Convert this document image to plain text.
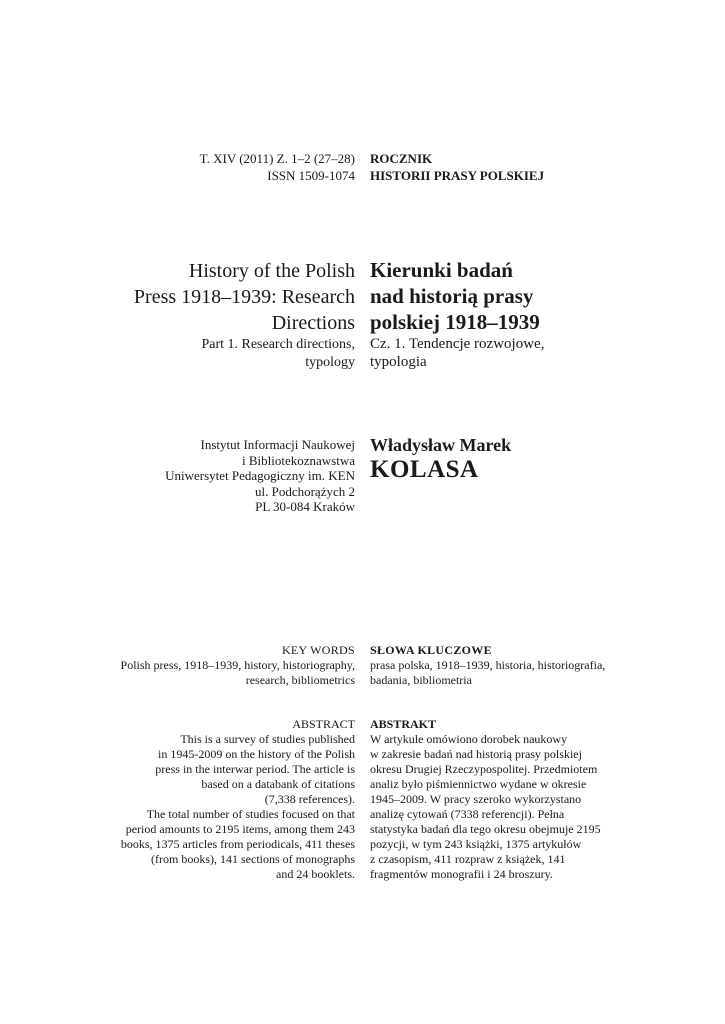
T. XIV (2011) Z. 1–2 (27–28)
ISSN 1509-1074
ROCZNIK
HISTORII PRASY POLSKIEJ
History of the Polish
Press 1918–1939: Research
Directions
Part 1. Research directions,
typology
Kierunki badań
nad historią prasy
polskiej 1918–1939
Cz. 1. Tendencje rozwojowe,
typologia
Instytut Informacji Naukowej
i Bibliotekoznawstwa
Uniwersytet Pedagogiczny im. KEN
ul. Podchorążych 2
PL 30-084 Kraków
Władysław Marek
KOLASA
KEY WORDS
Polish press, 1918–1939, history, historiography,
research, bibliometrics
SŁOWA KLUCZOWE
prasa polska, 1918–1939, historia, historiografia,
badania, bibliometria
ABSTRACT
This is a survey of studies published
in 1945-2009 on the history of the Polish
press in the interwar period. The article is
based on a databank of citations
(7,338 references).
The total number of studies focused on that
period amounts to 2195 items, among them 243
books, 1375 articles from periodicals, 411 theses
(from books), 141 sections of monographs
and 24 booklets.
ABSTRAKT
W artykule omówiono dorobek naukowy
w zakresie badań nad historią prasy polskiej
okresu Drugiej Rzeczypospolitej. Przedmiotem
analiz było piśmiennictwo wydane w okresie
1945–2009. W pracy szeroko wykorzystano
analizę cytowań (7338 referencji). Pełna
statystyka badań dla tego okresu obejmuje 2195
pozycji, w tym 243 książki, 1375 artykułów
z czasopism, 411 rozpraw z książek, 141
fragmentów monografii i 24 broszury.
